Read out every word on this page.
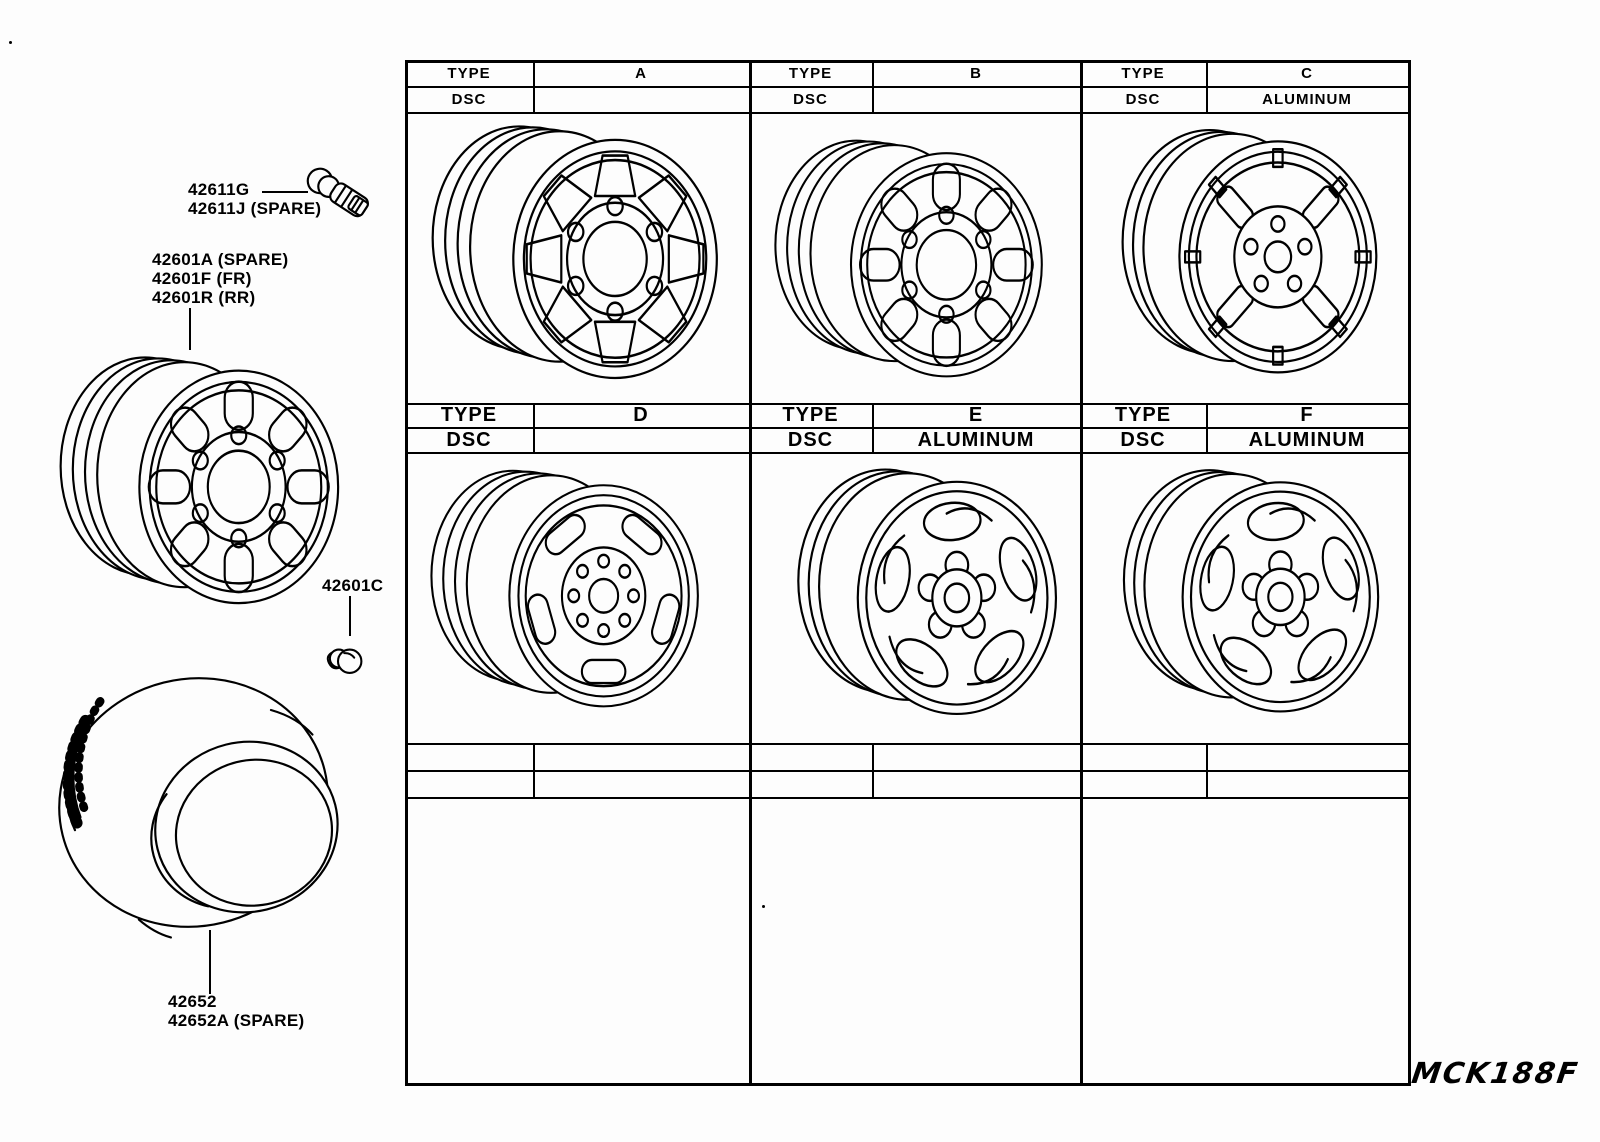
42611G
42611J (SPARE)
42601A (SPARE)
42601F (FR)
42601R (RR)
42601C
42652
42652A (SPARE)
TYPE	A
DSC
TYPE	B
DSC
TYPE	C
DSC	ALUMINUM
TYPE	D
DSC
TYPE	E
DSC	ALUMINUM
TYPE	F
DSC	ALUMINUM
MCK188F
